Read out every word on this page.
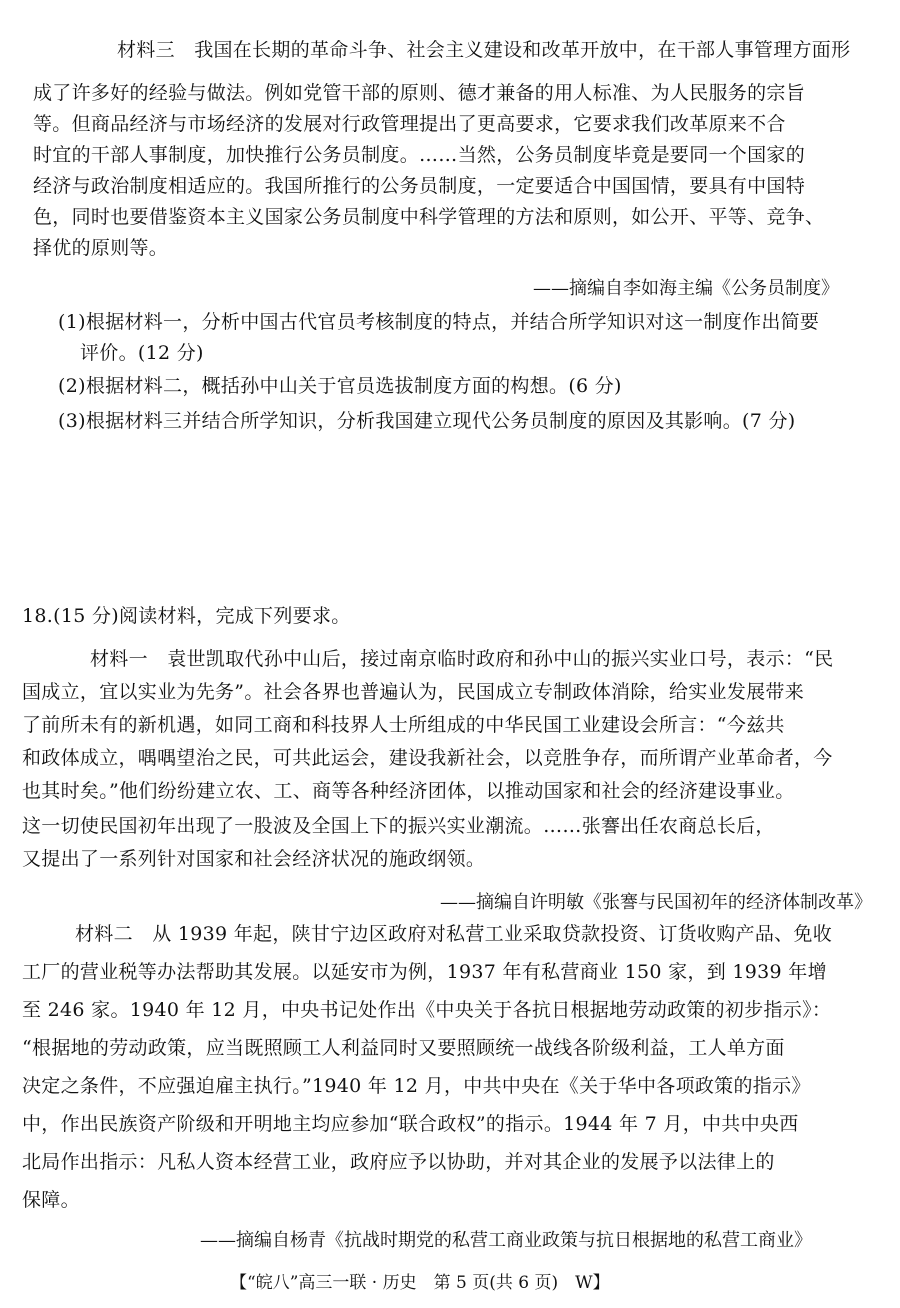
材料三　我国在长期的革命斗争、社会主义建设和改革开放中，在干部人事管理方面形
成了许多好的经验与做法。例如党管干部的原则、德才兼备的用人标准、为人民服务的宗旨
等。但商品经济与市场经济的发展对行政管理提出了更高要求，它要求我们改革原来不合
时宜的干部人事制度，加快推行公务员制度。……当然，公务员制度毕竟是要同一个国家的
经济与政治制度相适应的。我国所推行的公务员制度，一定要适合中国国情，要具有中国特
色，同时也要借鉴资本主义国家公务员制度中科学管理的方法和原则，如公开、平等、竞争、
择优的原则等。
——摘编自李如海主编《公务员制度》
(1)根据材料一，分析中国古代官员考核制度的特点，并结合所学知识对这一制度作出简要
评价。(12 分)
(2)根据材料二，概括孙中山关于官员选拔制度方面的构想。(6 分)
(3)根据材料三并结合所学知识，分析我国建立现代公务员制度的原因及其影响。(7 分)
18.(15 分)阅读材料，完成下列要求。
材料一　袁世凯取代孙中山后，接过南京临时政府和孙中山的振兴实业口号，表示：“民
国成立，宜以实业为先务”。社会各界也普遍认为，民国成立专制政体消除，给实业发展带来
了前所未有的新机遇，如同工商和科技界人士所组成的中华民国工业建设会所言：“今兹共
和政体成立，喁喁望治之民，可共此运会，建设我新社会，以竞胜争存，而所谓产业革命者，今
也其时矣。”他们纷纷建立农、工、商等各种经济团体，以推动国家和社会的经济建设事业。
这一切使民国初年出现了一股波及全国上下的振兴实业潮流。……张謇出任农商总长后，
又提出了一系列针对国家和社会经济状况的施政纲领。
——摘编自许明敏《张謇与民国初年的经济体制改革》
材料二　从 1939 年起，陕甘宁边区政府对私营工业采取贷款投资、订货收购产品、免收
工厂的营业税等办法帮助其发展。以延安市为例，1937 年有私营商业 150 家，到 1939 年增
至 246 家。1940 年 12 月，中央书记处作出《中央关于各抗日根据地劳动政策的初步指示》：
“根据地的劳动政策，应当既照顾工人利益同时又要照顾统一战线各阶级利益，工人单方面
决定之条件，不应强迫雇主执行。”1940 年 12 月，中共中央在《关于华中各项政策的指示》
中，作出民族资产阶级和开明地主均应参加“联合政权”的指示。1944 年 7 月，中共中央西
北局作出指示：凡私人资本经营工业，政府应予以协助，并对其企业的发展予以法律上的
保障。
——摘编自杨青《抗战时期党的私营工商业政策与抗日根据地的私营工商业》
【“皖八”高三一联 · 历史　第 5 页(共 6 页)　W】
